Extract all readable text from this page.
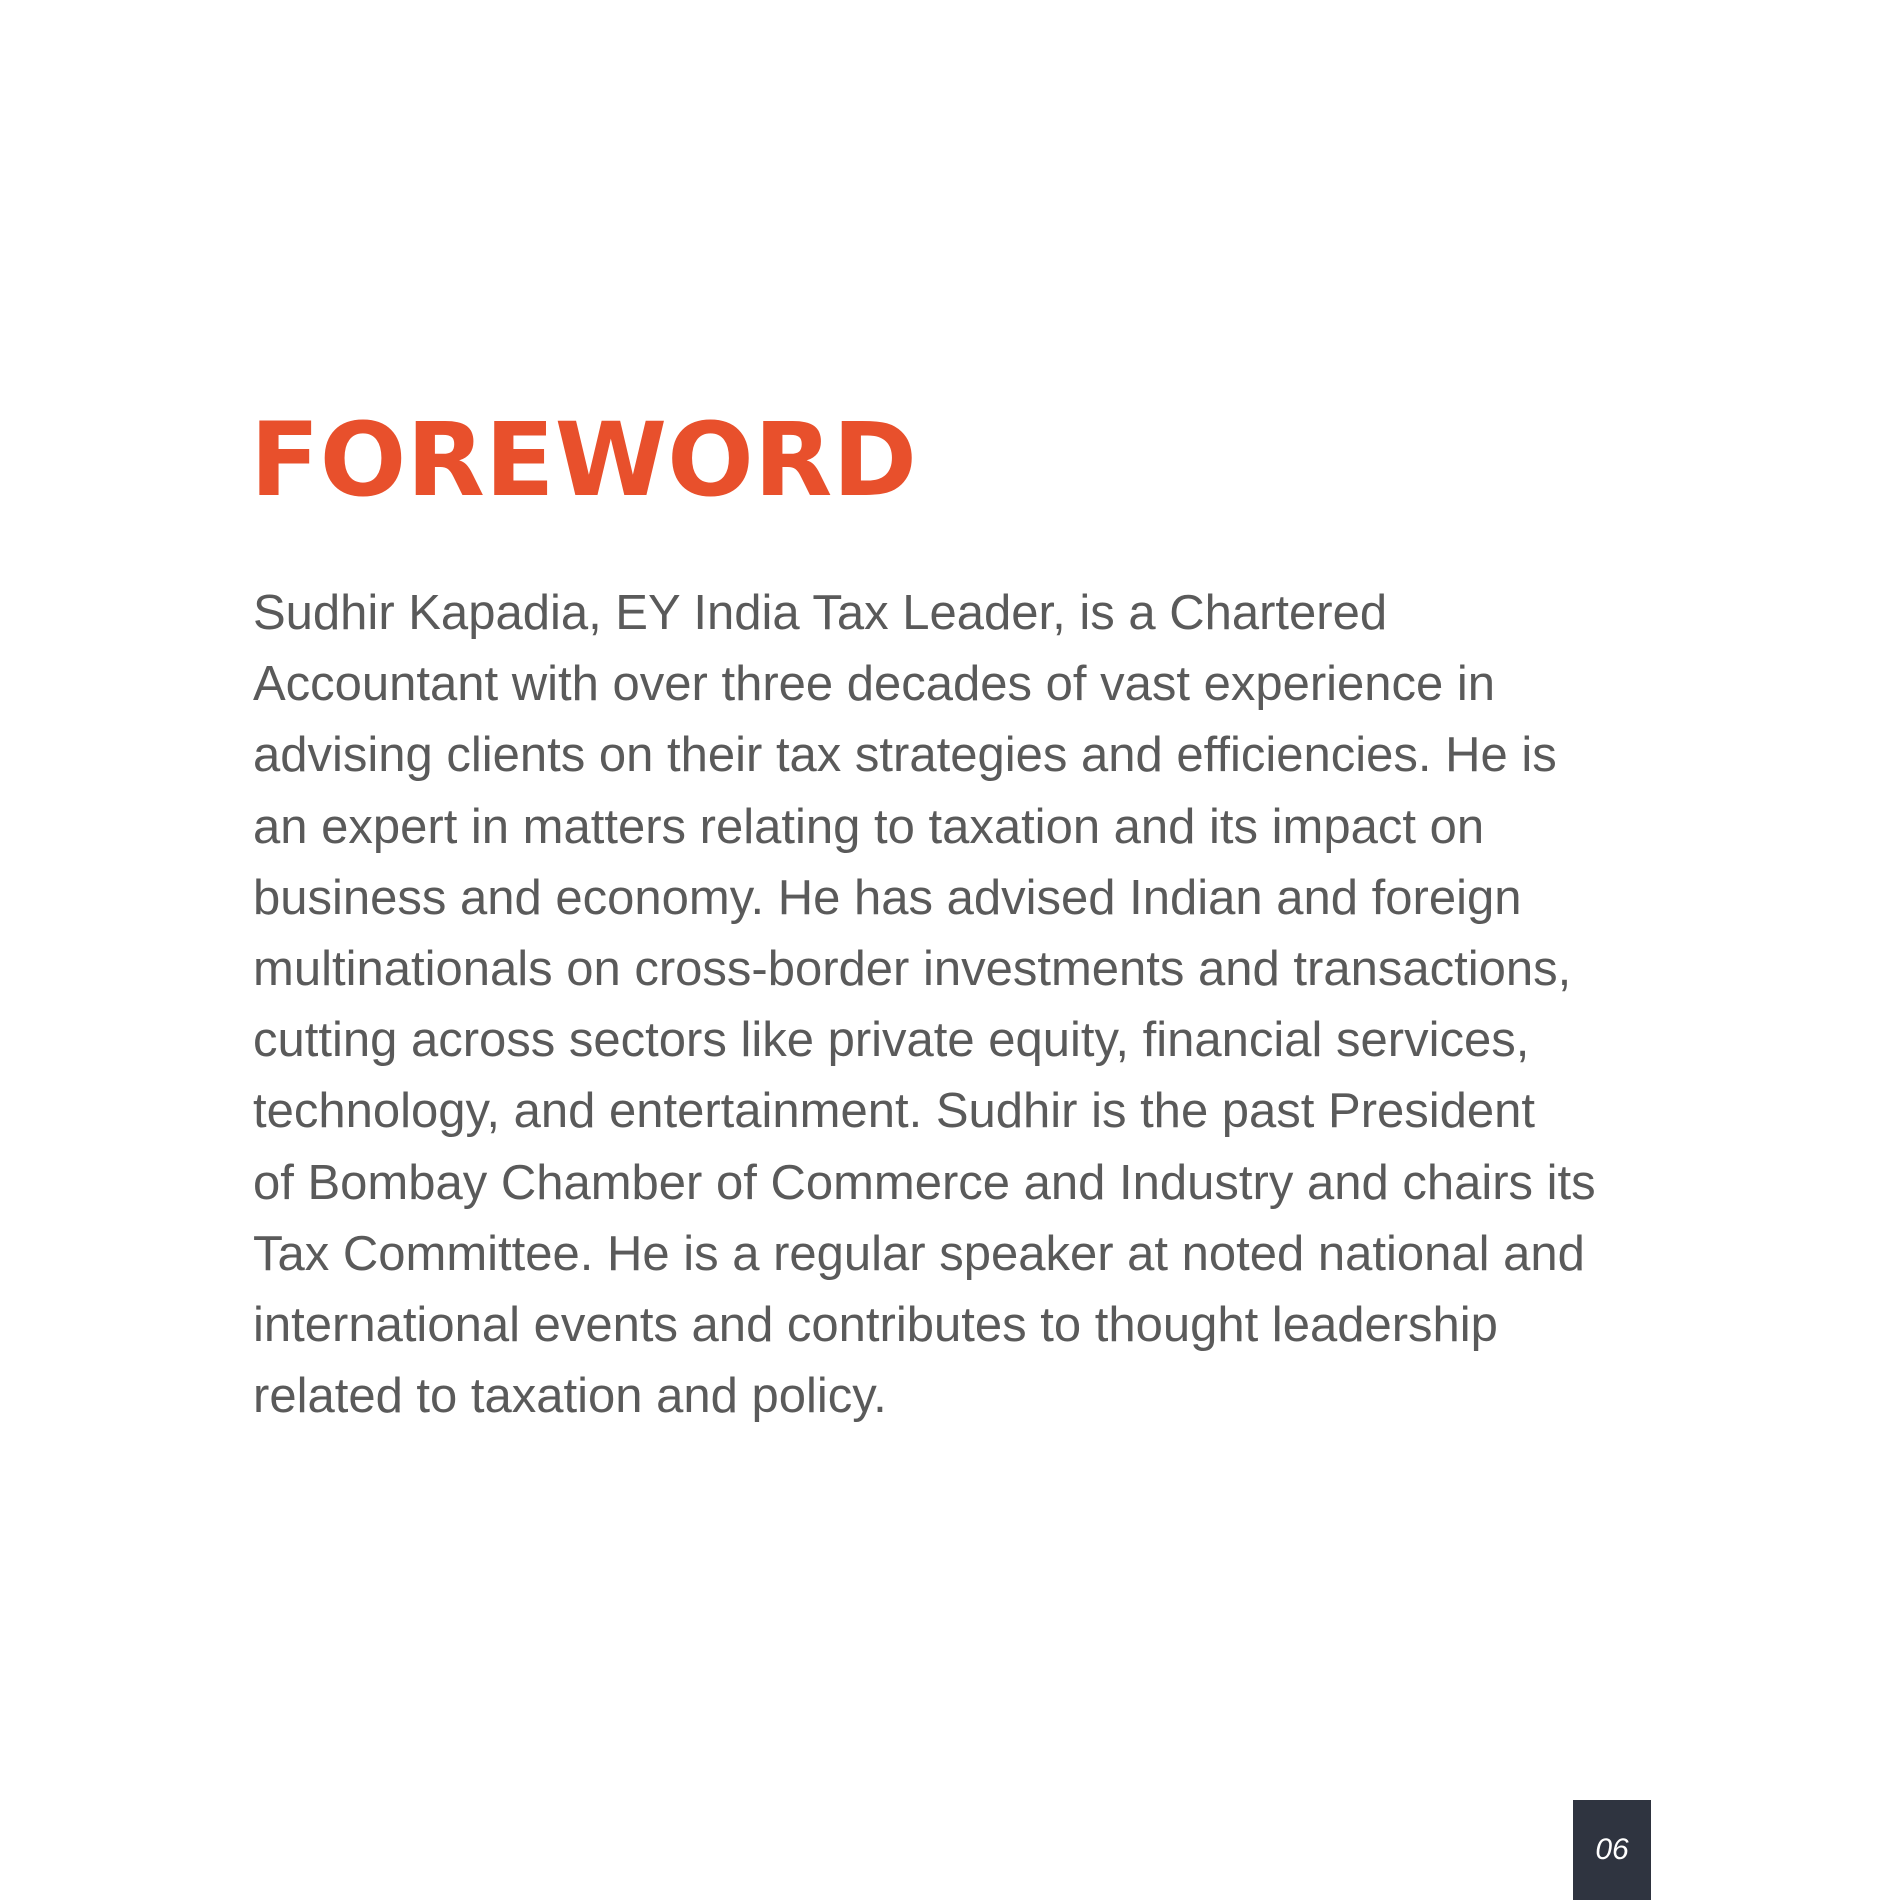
FOREWORD
Sudhir Kapadia, EY India Tax Leader, is a Chartered
Accountant with over three decades of vast experience in
advising clients on their tax strategies and efficiencies. He is
an expert in matters relating to taxation and its impact on
business and economy. He has advised Indian and foreign
multinationals on cross-border investments and transactions,
cutting across sectors like private equity, financial services,
technology, and entertainment. Sudhir is the past President
of Bombay Chamber of Commerce and Industry and chairs its
Tax Committee. He is a regular speaker at noted national and
international events and contributes to thought leadership
related to taxation and policy.
06
